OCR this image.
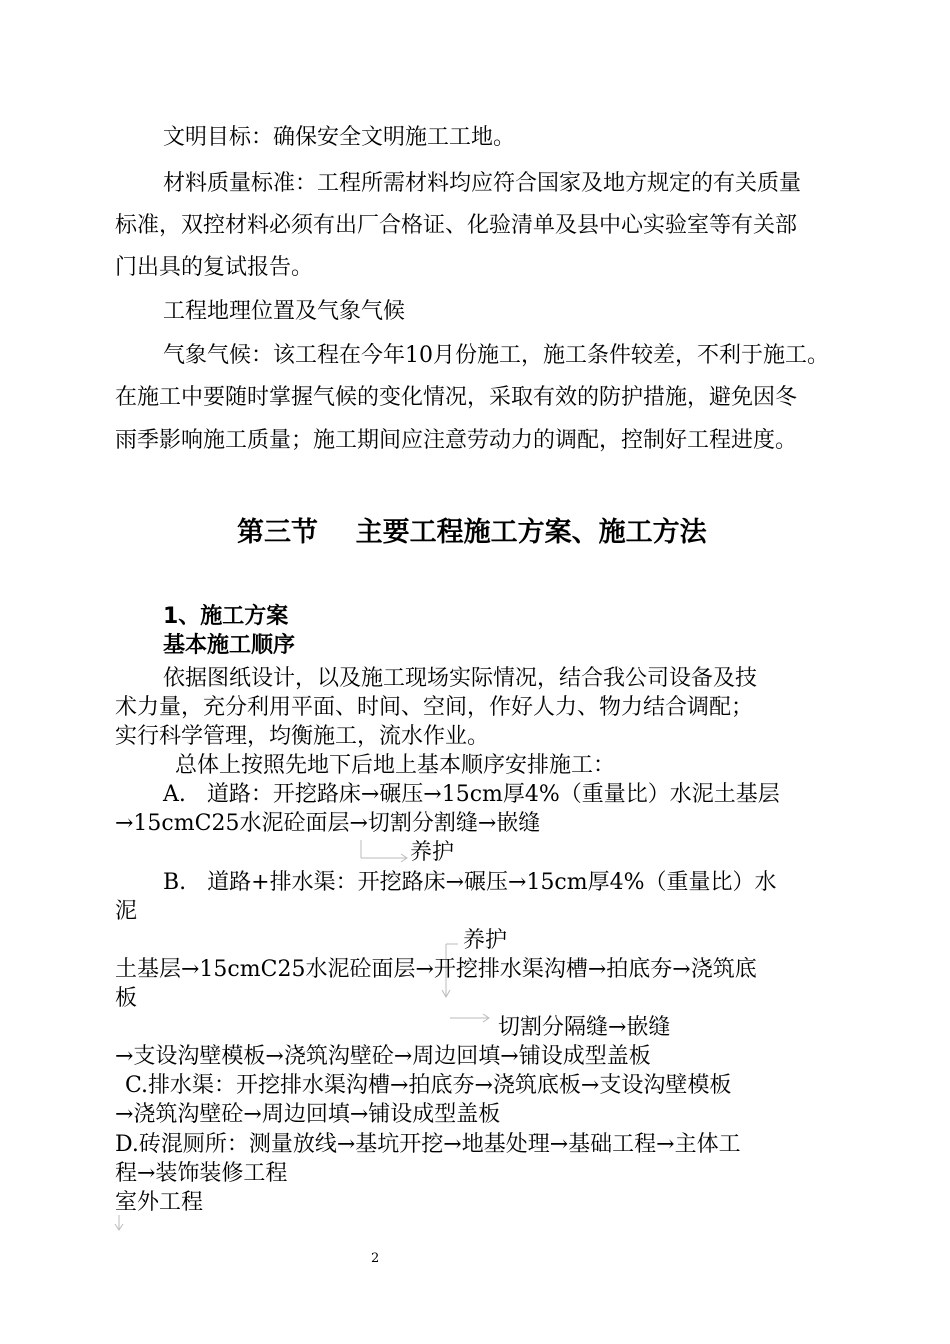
文明目标：确保安全文明施工工地。
材料质量标准：工程所需材料均应符合国家及地方规定的有关质量
标准，双控材料必须有出厂合格证、化验清单及县中心实验室等有关部
门出具的复试报告。
工程地理位置及气象气候
气象气候：该工程在今年10月份施工，施工条件较差，不利于施工。
在施工中要随时掌握气候的变化情况，采取有效的防护措施，避免因冬
雨季影响施工质量；施工期间应注意劳动力的调配，控制好工程进度。
第三节    主要工程施工方案、施工方法
1、施工方案
基本施工顺序
依据图纸设计，以及施工现场实际情况，结合我公司设备及技
术力量，充分利用平面、时间、空间，作好人力、物力结合调配；
实行科学管理，均衡施工，流水作业。
总体上按照先地下后地上基本顺序安排施工：
A.   道路：开挖路床→碾压→15cm厚4%（重量比）水泥土基层
→15cmC25水泥砼面层→切割分割缝→嵌缝
养护
B.   道路+排水渠：开挖路床→碾压→15cm厚4%（重量比）水
泥
养护
土基层→15cmC25水泥砼面层→开挖排水渠沟槽→拍底夯→浇筑底
板
切割分隔缝→嵌缝
→支设沟壁模板→浇筑沟壁砼→周边回填→铺设成型盖板
C.排水渠：开挖排水渠沟槽→拍底夯→浇筑底板→支设沟壁模板
→浇筑沟壁砼→周边回填→铺设成型盖板
D.砖混厕所：测量放线→基坑开挖→地基处理→基础工程→主体工
程→装饰装修工程
室外工程
2
